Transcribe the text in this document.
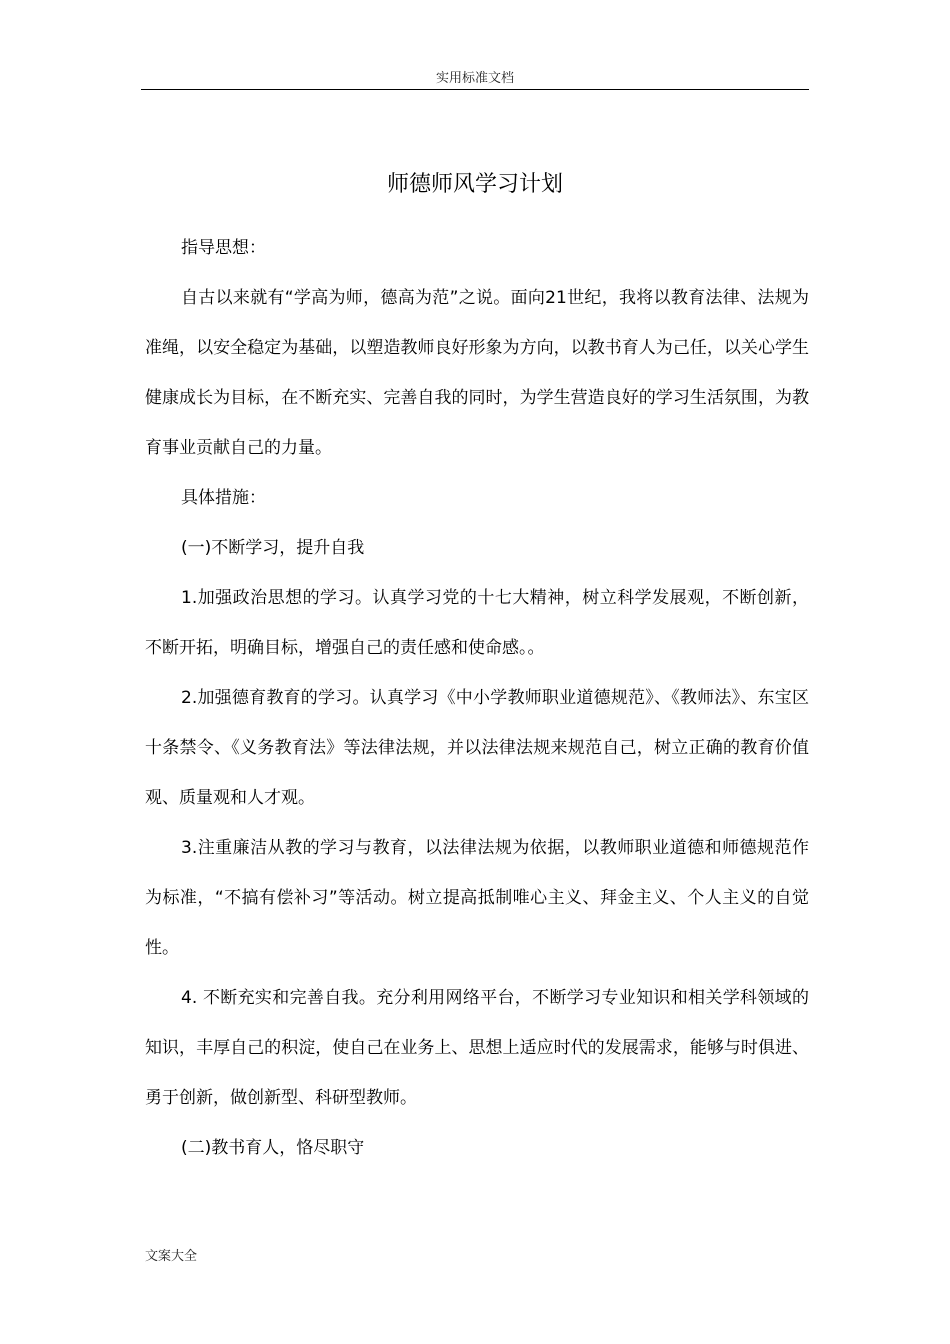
实用标准文档
师德师风学习计划

指导思想：

自古以来就有“学高为师，德高为范”之说。面向21世纪，我将以教育法律、法规为准绳，以安全稳定为基础，以塑造教师良好形象为方向，以教书育人为己任，以关心学生健康成长为目标，在不断充实、完善自我的同时，为学生营造良好的学习生活氛围，为教育事业贡献自己的力量。

具体措施：

(一)不断学习，提升自我

1.加强政治思想的学习。认真学习党的十七大精神，树立科学发展观，不断创新，不断开拓，明确目标，增强自己的责任感和使命感。。

2.加强德育教育的学习。认真学习《中小学教师职业道德规范》、《教师法》、东宝区十条禁令、《义务教育法》等法律法规，并以法律法规来规范自己，树立正确的教育价值观、质量观和人才观。

3.注重廉洁从教的学习与教育，以法律法规为依据，以教师职业道德和师德规范作为标准，“不搞有偿补习”等活动。树立提高抵制唯心主义、拜金主义、个人主义的自觉性。

4. 不断充实和完善自我。充分利用网络平台，不断学习专业知识和相关学科领域的知识，丰厚自己的积淀，使自己在业务上、思想上适应时代的发展需求，能够与时俱进、勇于创新，做创新型、科研型教师。

(二)教书育人，恪尽职守

文案大全
